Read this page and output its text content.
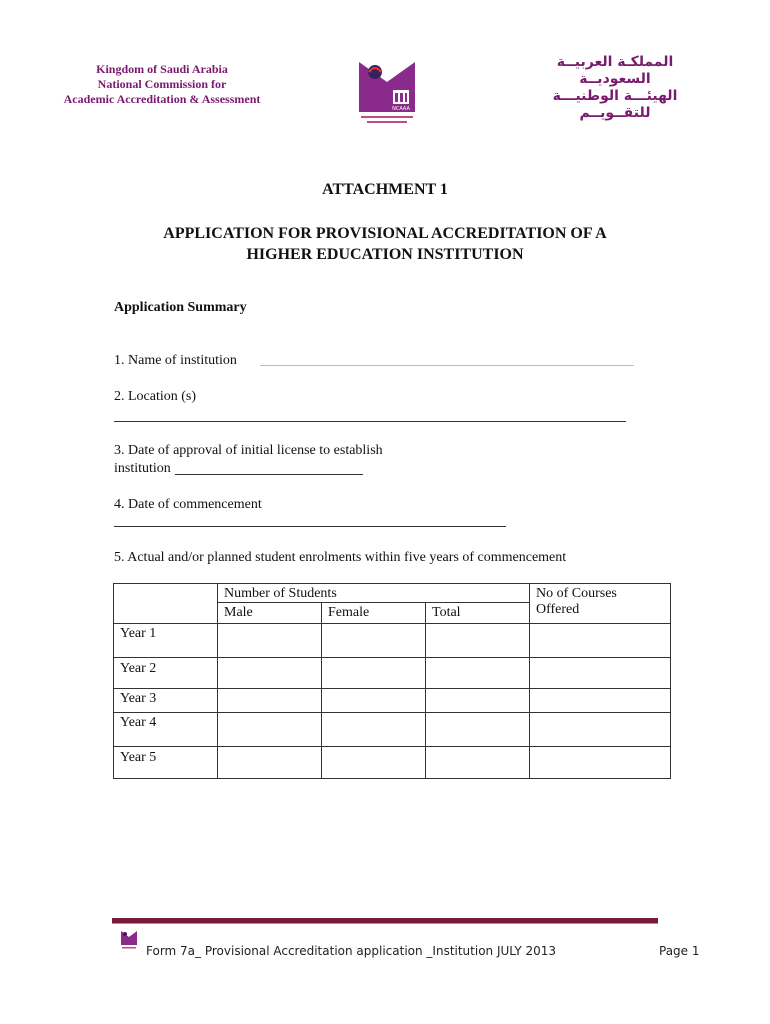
Kingdom of Saudi Arabia
National Commission for
Academic Accreditation & Assessment
NCAAA
المملكـة العربيــة
السعوديــة
الهيئـــة الوطنيـــة
للتقــويــم
ATTACHMENT 1
APPLICATION FOR PROVISIONAL ACCREDITATION OF A
HIGHER EDUCATION INSTITUTION
Application Summary
1. Name of institution
2. Location (s)
3. Date of approval of initial license to establish
institution
4. Date of commencement
5. Actual and/or planned student enrolments within five years of commencement
	Number of Students			No of Courses
Offered

	Male	Female	Total	
Year 1				
Year 2				
Year 3				
Year 4				
Year 5				
Form 7a_ Provisional Accreditation application _Institution JULY 2013	Page 1
